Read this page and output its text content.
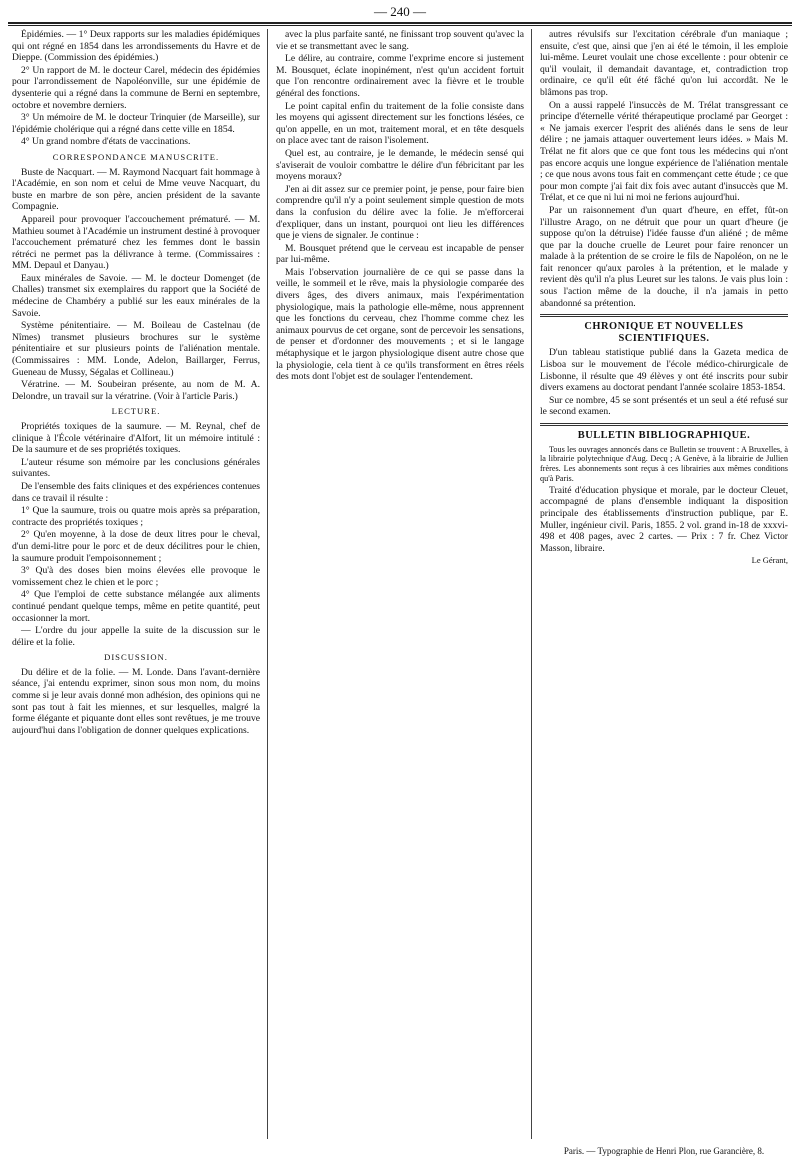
— 240 —

Épidémies. — 1° Deux rapports sur les maladies épidémiques qui ont régné en 1854 dans les arrondissements du Havre et de Dieppe. (Commission des épidémies.)

2° Un rapport de M. le docteur Carel, médecin des épidémies pour l'arrondissement de Napoléonville, sur une épidémie de dysenterie qui a régné dans la commune de Berni en septembre, octobre et novembre derniers.

3° Un mémoire de M. le docteur Trinquier (de Marseille), sur l'épidémie cholérique qui a régné dans cette ville en 1854.

4° Un grand nombre d'états de vaccinations.

CORRESPONDANCE MANUSCRITE.

Buste de Nacquart. — M. Raymond Nacquart fait hommage à l'Académie, en son nom et celui de Mme veuve Nacquart, du buste en marbre de son père, ancien président de la savante Compagnie.

Appareil pour provoquer l'accouchement prématuré. — M. Mathieu soumet à l'Académie un instrument destiné à provoquer l'accouchement prématuré chez les femmes dont le bassin rétréci ne permet pas la délivrance à terme. (Commissaires : MM. Depaul et Danyau.)

Eaux minérales de Savoie. — M. le docteur Domenget (de Challes) transmet six exemplaires du rapport que la Société de médecine de Chambéry a publié sur les eaux minérales de la Savoie.

Système pénitentiaire. — M. Boileau de Castelnau (de Nîmes) transmet plusieurs brochures sur le système pénitentiaire et sur plusieurs points de l'aliénation mentale. (Commissaires : MM. Londe, Adelon, Baillarger, Ferrus, Gueneau de Mussy, Ségalas et Collineau.)

Vératrine. — M. Soubeiran présente, au nom de M. A. Delondre, un travail sur la vératrine. (Voir à l'article Paris.)

LECTURE.

Propriétés toxiques de la saumure. — M. Reynal, chef de clinique à l'École vétérinaire d'Alfort, lit un mémoire intitulé : De la saumure et de ses propriétés toxiques.

L'auteur résume son mémoire par les conclusions générales suivantes.

De l'ensemble des faits cliniques et des expériences contenues dans ce travail il résulte :

1° Que la saumure, trois ou quatre mois après sa préparation, contracte des propriétés toxiques ;

2° Qu'en moyenne, à la dose de deux litres pour le cheval, d'un demi-litre pour le porc et de deux décilitres pour le chien, la saumure produit l'empoisonnement ;

3° Qu'à des doses bien moins élevées elle provoque le vomissement chez le chien et le porc ;

4° Que l'emploi de cette substance mélangée aux aliments continué pendant quelque temps, même en petite quantité, peut occasionner la mort.

— L'ordre du jour appelle la suite de la discussion sur le délire et la folie.

DISCUSSION.

Du délire et de la folie. — M. Londe. Dans l'avant-dernière séance, j'ai entendu exprimer, sinon sous mon nom, du moins comme si je leur avais donné mon adhésion, des opinions qui ne sont pas tout à fait les miennes, et sur lesquelles, malgré la forme élégante et piquante dont elles sont revêtues, je me trouve aujourd'hui dans l'obligation de donner quelques explications.

avec la plus parfaite santé, ne finissant trop souvent qu'avec la vie et se transmettant avec le sang.

Le délire, au contraire, comme l'exprime encore si justement M. Bousquet, éclate inopinément, n'est qu'un accident fortuit que l'on rencontre ordinairement avec la fièvre et le trouble général des fonctions.

Le point capital enfin du traitement de la folie consiste dans les moyens qui agissent directement sur les fonctions lésées, ce qu'on appelle, en un mot, traitement moral, et en tête desquels on place avec tant de raison l'isolement.

Quel est, au contraire, je le demande, le médecin sensé qui s'aviserait de vouloir combattre le délire d'un fébricitant par les moyens moraux?

J'en ai dit assez sur ce premier point, je pense, pour faire bien comprendre qu'il n'y a point seulement simple question de mots dans la confusion du délire avec la folie. Je m'efforcerai d'expliquer, dans un instant, pourquoi ont lieu les différences que je viens de signaler. Je continue :

M. Bousquet prétend que le cerveau est incapable de penser par lui-même.

Mais l'observation journalière de ce qui se passe dans la veille, le sommeil et le rêve, mais la physiologie comparée des divers âges, des divers animaux, mais l'expérimentation physiologique, mais la pathologie elle-même, nous apprennent que les fonctions du cerveau, chez l'homme comme chez les animaux pourvus de cet organe, sont de percevoir les sensations, de penser et d'ordonner des mouvements ; et si le langage métaphysique et le jargon physiologique disent autre chose que la physiologie, cela tient à ce qu'ils transforment en êtres réels des mots dont l'objet est de soulager l'entendement.

autres révulsifs sur l'excitation cérébrale d'un maniaque ; ensuite, c'est que, ainsi que j'en ai été le témoin, il les emploie lui-même. Leuret voulait une chose excellente : pour obtenir ce qu'il voulait, il demandait davantage, et, contradiction trop ordinaire, ce qu'il eût été fâché qu'on lui accordât. Ne le blâmons pas trop.

On a aussi rappelé l'insuccès de M. Trélat transgressant ce principe d'éternelle vérité thérapeutique proclamé par Georget : « Ne jamais exercer l'esprit des aliénés dans le sens de leur délire ; ne jamais attaquer ouvertement leurs idées. » Mais M. Trélat ne fit alors que ce que font tous les médecins qui n'ont pas encore acquis une longue expérience de l'aliénation mentale ; ce que nous avons tous fait en commençant cette étude ; ce que pour mon compte j'ai fait dix fois avec autant d'insuccès que M. Trélat, et ce que ni lui ni moi ne ferions aujourd'hui.

Par un raisonnement d'un quart d'heure, en effet, fût-on l'illustre Arago, on ne détruit que pour un quart d'heure (je suppose qu'on la détruise) l'idée fausse d'un aliéné ; de même que par la douche cruelle de Leuret pour faire renoncer un malade à la prétention de se croire le fils de Napoléon, on ne le fait renoncer qu'aux paroles à la prétention, et le malade y revient dès qu'il n'a plus Leuret sur les talons. Je vais plus loin : sous l'action même de la douche, il n'a jamais in petto abandonné sa prétention.

CHRONIQUE ET NOUVELLES SCIENTIFIQUES.

D'un tableau statistique publié dans la Gazeta medica de Lisboa sur le mouvement de l'école médico-chirurgicale de Lisbonne, il résulte que 49 élèves y ont été inscrits pour subir divers examens au doctorat pendant l'année scolaire 1853-1854.

Sur ce nombre, 45 se sont présentés et un seul a été refusé sur le second examen.

BULLETIN BIBLIOGRAPHIQUE.

Tous les ouvrages annoncés dans ce Bulletin se trouvent : A Bruxelles, à la librairie polytechnique d'Aug. Decq ; A Genève, à la librairie de Jullien frères. Les abonnements sont reçus à ces librairies aux mêmes conditions qu'à Paris.

Traité d'éducation physique et morale, par le docteur Cleuet, accompagné de plans d'ensemble indiquant la disposition principale des établissements d'instruction publique, par E. Muller, ingénieur civil. Paris, 1855. 2 vol. grand in-18 de xxxvi-498 et 408 pages, avec 2 cartes. — Prix : 7 fr. Chez Victor Masson, libraire.

Le Gérant,

Paris. — Typographie de Henri Plon, rue Garancière, 8.
